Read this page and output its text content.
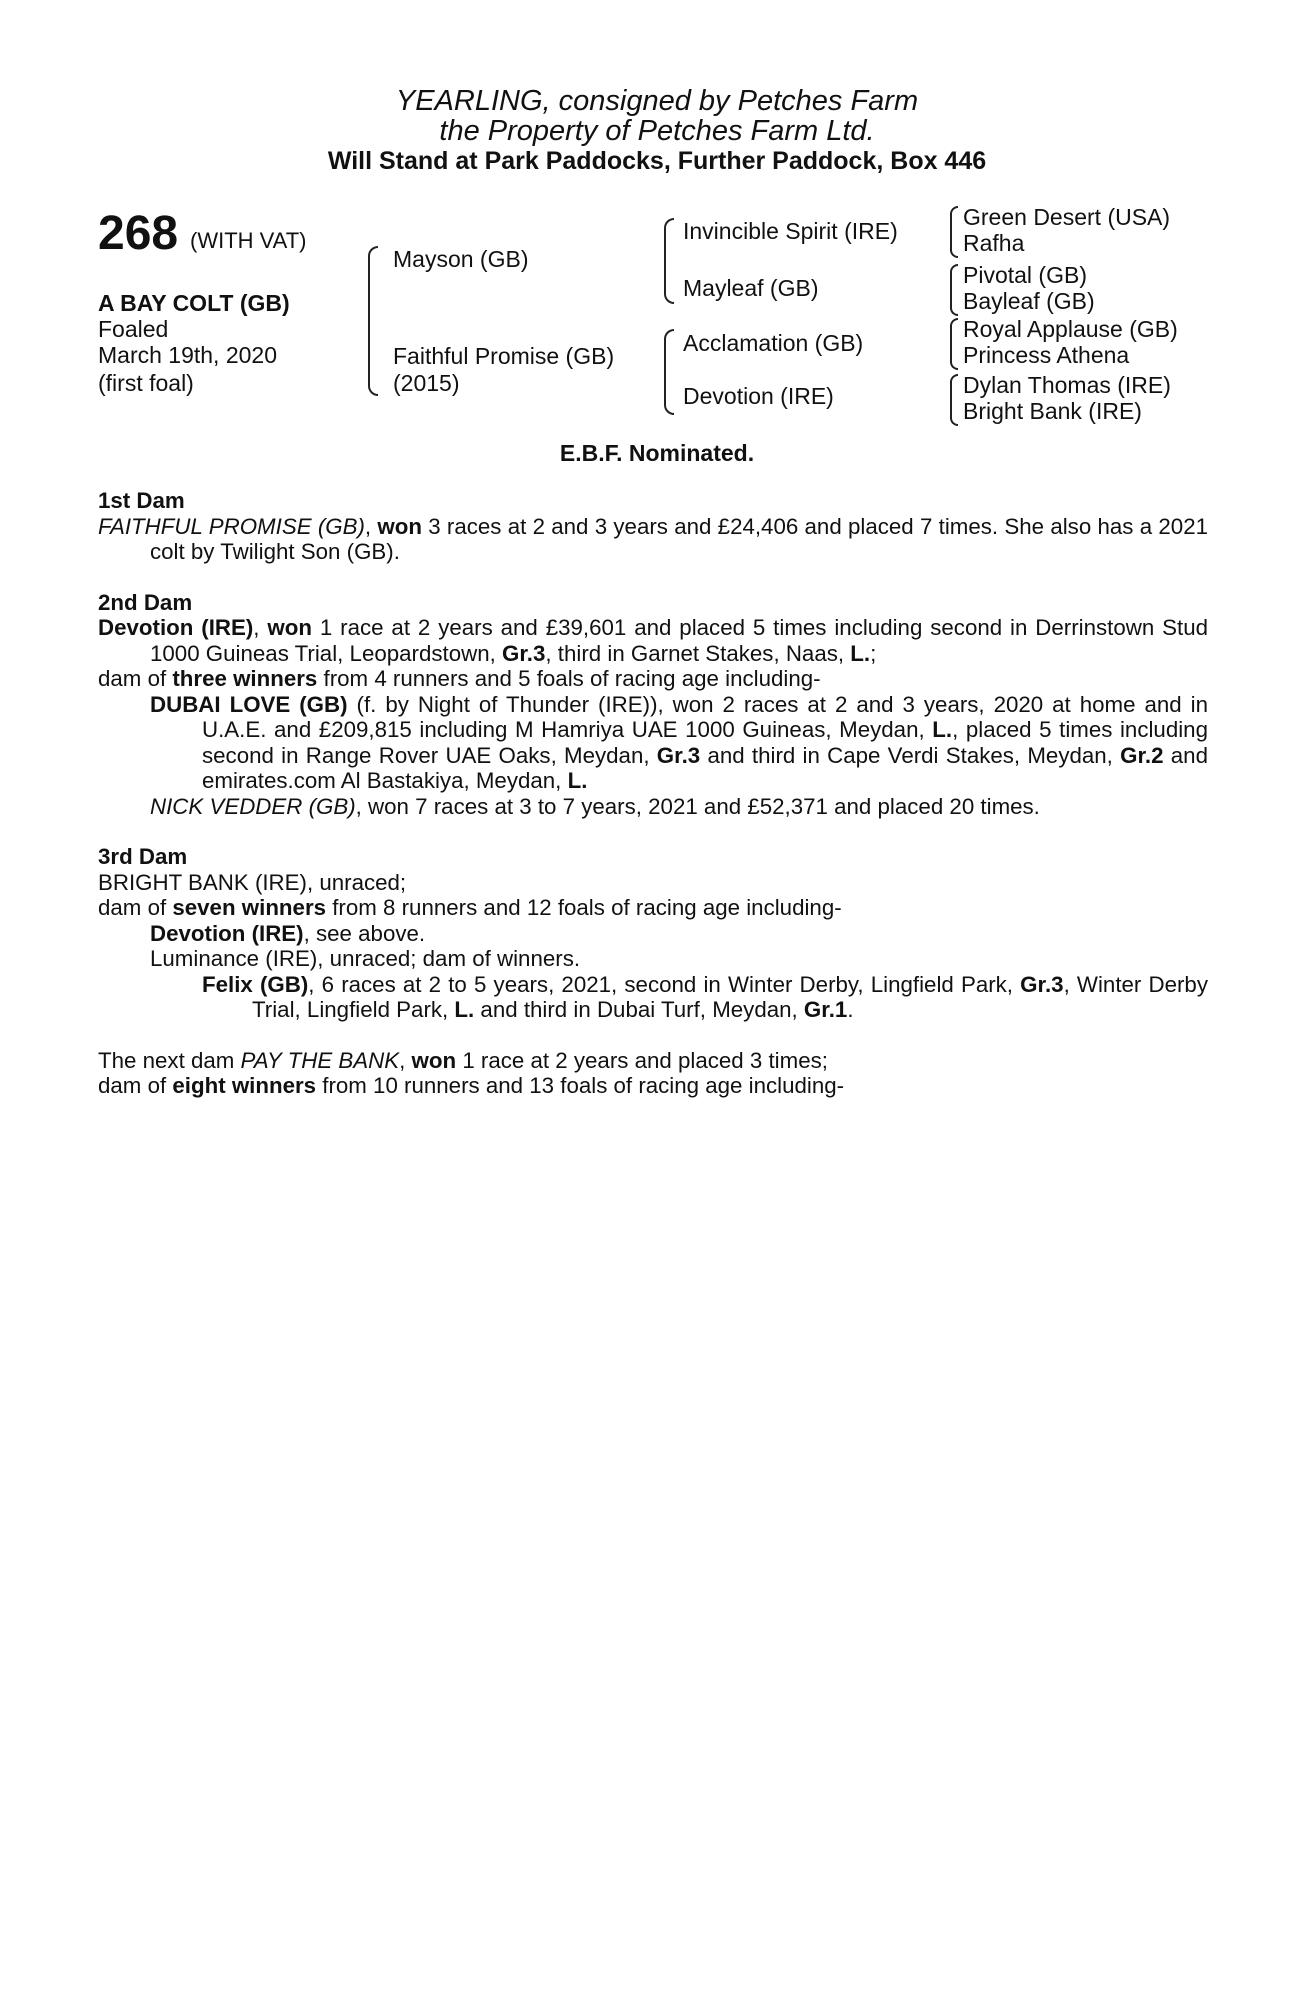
YEARLING, consigned by Petches Farm
the Property of Petches Farm Ltd.
Will Stand at Park Paddocks, Further Paddock, Box 446
268 (WITH VAT)
A BAY COLT (GB)
Foaled
March 19th, 2020
(first foal)
Mayson (GB)
Faithful Promise (GB)
(2015)
Invincible Spirit (IRE)
Mayleaf (GB)
Acclamation (GB)
Devotion (IRE)
Green Desert (USA)
Rafha
Pivotal (GB)
Bayleaf (GB)
Royal Applause (GB)
Princess Athena
Dylan Thomas (IRE)
Bright Bank (IRE)
E.B.F. Nominated.

1st Dam

FAITHFUL PROMISE (GB), won 3 races at 2 and 3 years and £24,406 and placed 7 times. She also has a 2021 colt by Twilight Son (GB).

2nd Dam

Devotion (IRE), won 1 race at 2 years and £39,601 and placed 5 times including second in Derrinstown Stud 1000 Guineas Trial, Leopardstown, Gr.3, third in Garnet Stakes, Naas, L.;

dam of three winners from 4 runners and 5 foals of racing age including-

DUBAI LOVE (GB) (f. by Night of Thunder (IRE)), won 2 races at 2 and 3 years, 2020 at home and in U.A.E. and £209,815 including M Hamriya UAE 1000 Guineas, Meydan, L., placed 5 times including second in Range Rover UAE Oaks, Meydan, Gr.3 and third in Cape Verdi Stakes, Meydan, Gr.2 and emirates.com Al Bastakiya, Meydan, L.

NICK VEDDER (GB), won 7 races at 3 to 7 years, 2021 and £52,371 and placed 20 times.

3rd Dam

BRIGHT BANK (IRE), unraced;

dam of seven winners from 8 runners and 12 foals of racing age including-

Devotion (IRE), see above.

Luminance (IRE), unraced; dam of winners.

Felix (GB), 6 races at 2 to 5 years, 2021, second in Winter Derby, Lingfield Park, Gr.3, Winter Derby Trial, Lingfield Park, L. and third in Dubai Turf, Meydan, Gr.1.

The next dam PAY THE BANK, won 1 race at 2 years and placed 3 times;

dam of eight winners from 10 runners and 13 foals of racing age including-
